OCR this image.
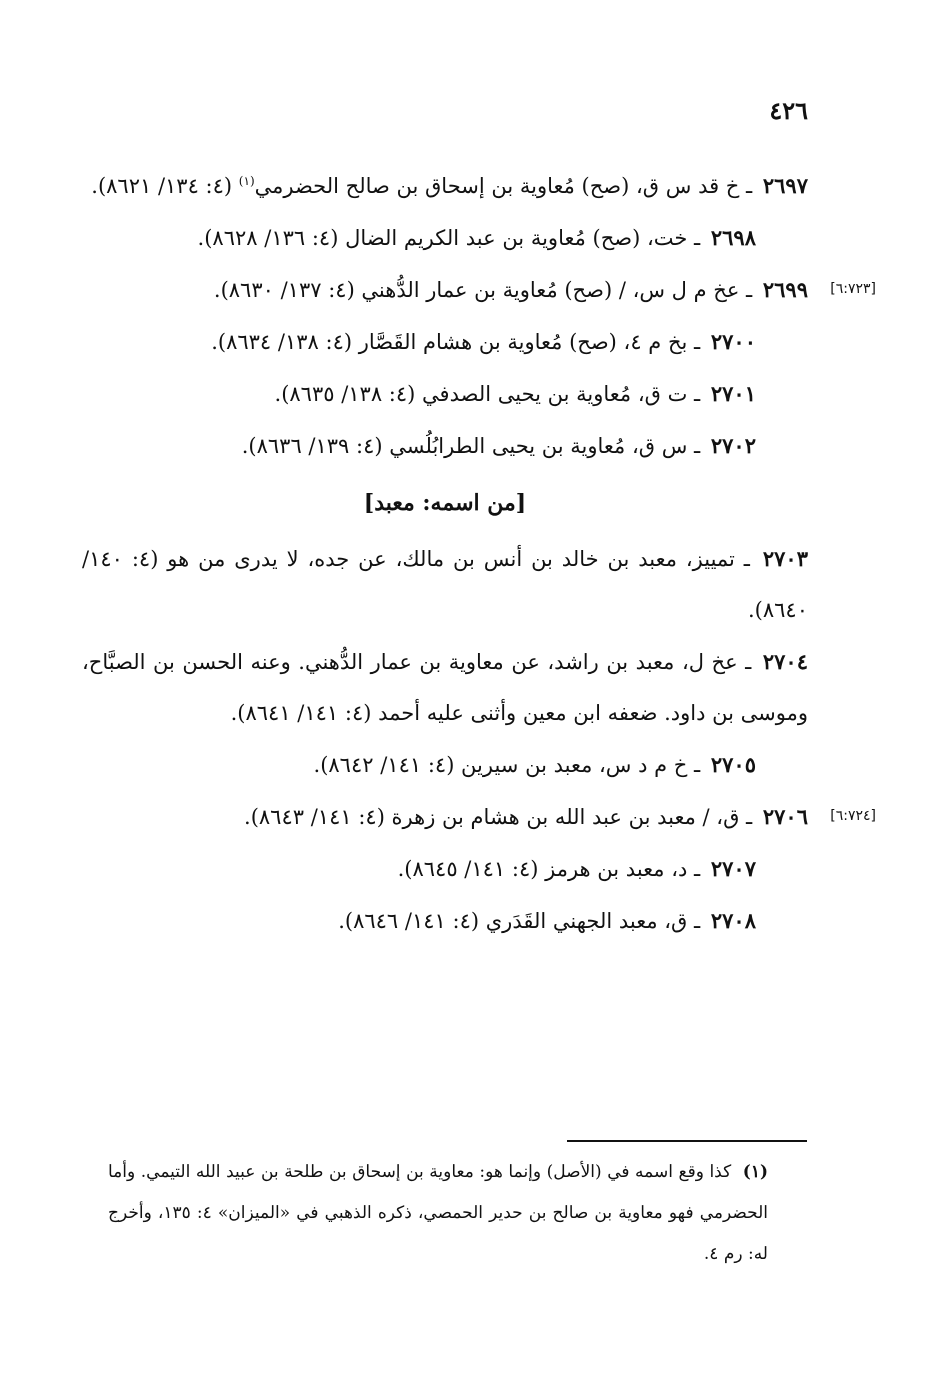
٤٢٦

٢٦٩٧ ـ خ قد س ق، (صح) مُعاوية بن إسحاق بن صالح الحضرمي$^{(١)}$ (٤: ١٣٤/ ٨٦٢١).

٢٦٩٨ ـ خت، (صح) مُعاوية بن عبد الكريم الضال (٤: ١٣٦/ ٨٦٢٨).

[٦:٧٢٣]
٢٦٩٩ ـ عخ م ل س، / (صح) مُعاوية بن عمار الدُّهني (٤: ١٣٧/ ٨٦٣٠).

٢٧٠٠ ـ بخ م ٤، (صح) مُعاوية بن هشام القَصَّار (٤: ١٣٨/ ٨٦٣٤).

٢٧٠١ ـ ت ق، مُعاوية بن يحيى الصدفي (٤: ١٣٨/ ٨٦٣٥).

٢٧٠٢ ـ س ق، مُعاوية بن يحيى الطرابُلُسي (٤: ١٣٩/ ٨٦٣٦).

[من اسمه: معبد]

٢٧٠٣ ـ تمييز، معبد بن خالد بن أنس بن مالك، عن جده، لا يدرى من هو (٤: ١٤٠/ ٨٦٤٠).

٢٧٠٤ ـ عخ ل، معبد بن راشد، عن معاوية بن عمار الدُّهني. وعنه الحسن بن الصبَّاح، وموسى بن داود. ضعفه ابن معين وأثنى عليه أحمد (٤: ١٤١/ ٨٦٤١).

٢٧٠٥ ـ خ م د س، معبد بن سيرين (٤: ١٤١/ ٨٦٤٢).

[٦:٧٢٤]
٢٧٠٦ ـ ق، / معبد بن عبد الله بن هشام بن زهرة (٤: ١٤١/ ٨٦٤٣).

٢٧٠٧ ـ د، معبد بن هرمز (٤: ١٤١/ ٨٦٤٥).

٢٧٠٨ ـ ق، معبد الجهني القَدَري (٤: ١٤١/ ٨٦٤٦).

(١) كذا وقع اسمه في (الأصل) وإنما هو: معاوية بن إسحاق بن طلحة بن عبيد الله التيمي. وأما الحضرمي فهو معاوية بن صالح بن حدير الحمصي، ذكره الذهبي في «الميزان» ٤: ١٣٥، وأخرج له: رم ٤.
